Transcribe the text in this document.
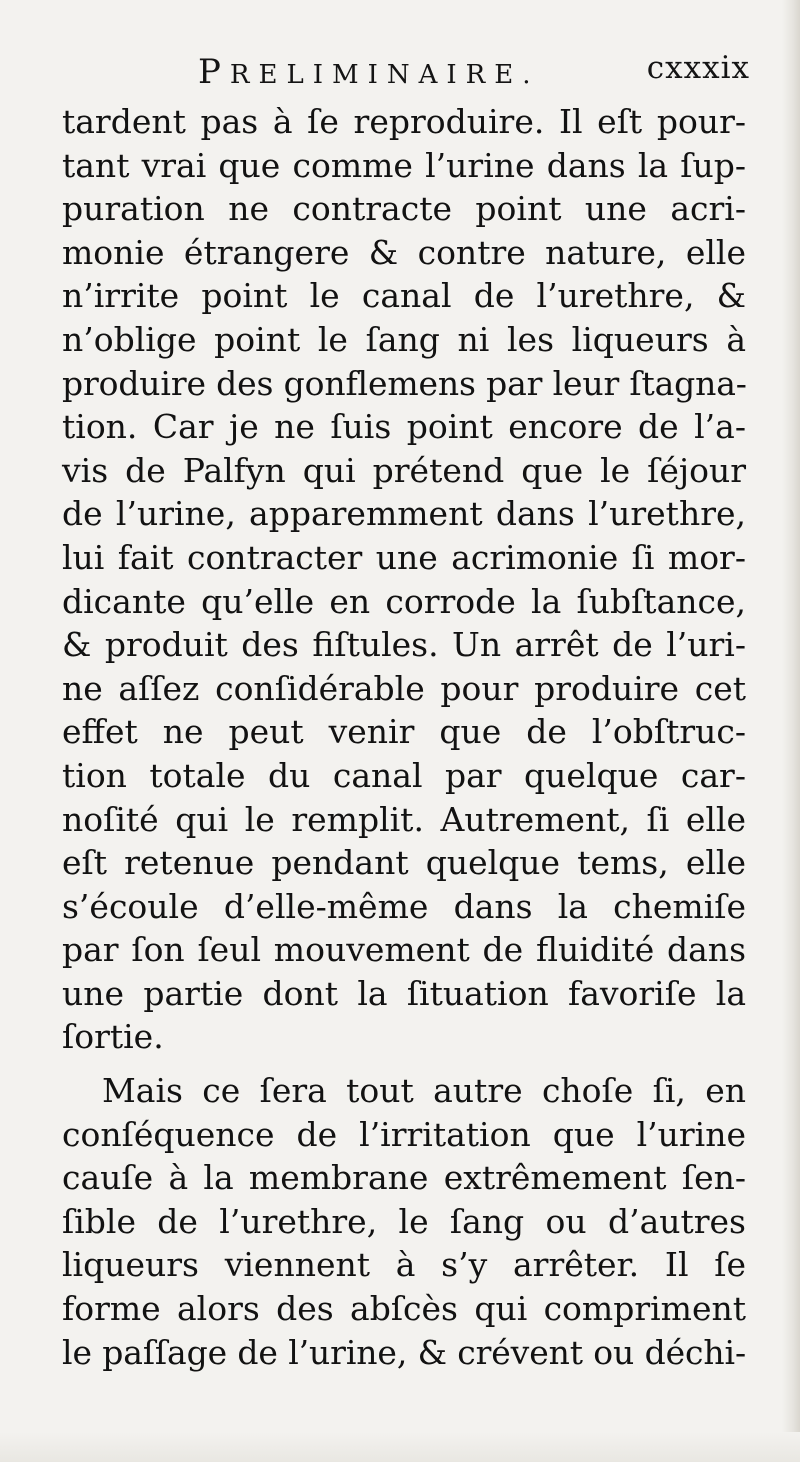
PRELIMINAIRE.	cxxxix
tardent pas à ſe reproduire. Il eſt pour-
tant vrai que comme l’urine dans la ſup-
puration ne contracte point une acri-
monie étrangere & contre nature, elle
n’irrite point le canal de l’urethre, &
n’oblige point le ſang ni les liqueurs à
produire des gonflemens par leur ſtagna-
tion. Car je ne ſuis point encore de l’a-
vis de Palfyn qui prétend que le ſéjour
de l’urine, apparemment dans l’urethre,
lui fait contracter une acrimonie ſi mor-
dicante qu’elle en corrode la ſubſtance,
& produit des fiſtules. Un arrêt de l’uri-
ne aſſez conſidérable pour produire cet
effet ne peut venir que de l’obſtruc-
tion totale du canal par quelque car-
noſité qui le remplit. Autrement, ſi elle
eſt retenue pendant quelque tems, elle
s’écoule d’elle-même dans la chemiſe
par ſon ſeul mouvement de fluidité dans
une partie dont la ſituation favoriſe la
ſortie.
Mais ce ſera tout autre choſe ſi, en
conſéquence de l’irritation que l’urine
cauſe à la membrane extrêmement ſen-
ſible de l’urethre, le ſang ou d’autres
liqueurs viennent à s’y arrêter. Il ſe
forme alors des abſcès qui compriment
le paſſage de l’urine, & crévent ou déchi-
